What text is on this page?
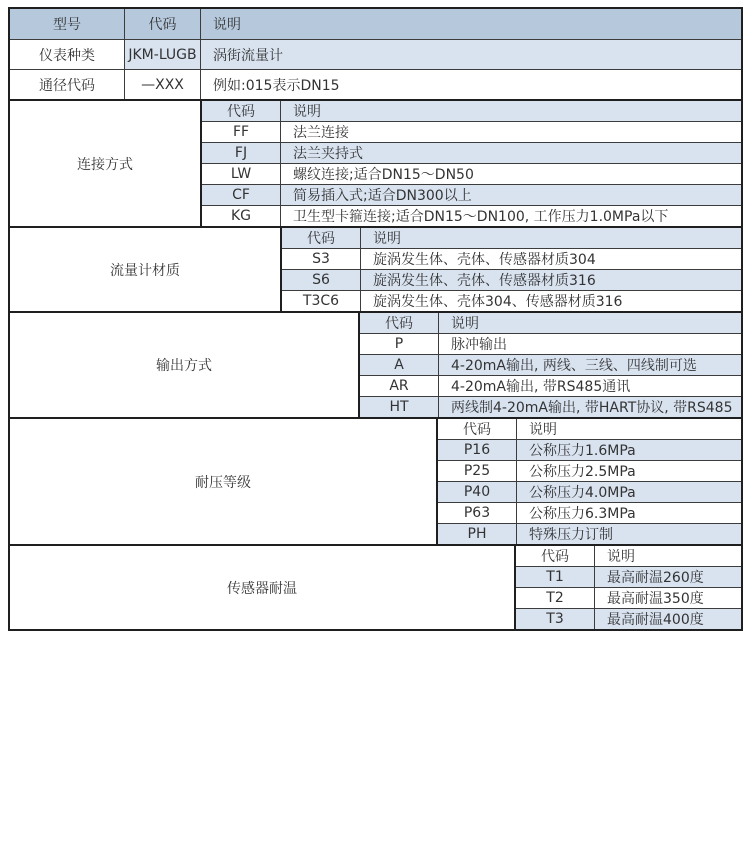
型号	代码	说明
仪表种类	JKM-LUGB	涡街流量计
通径代码	—XXX	例如:015表示DN15
连接方式
代码	说明
FF	法兰连接
FJ	法兰夹持式
LW	螺纹连接;适合DN15～DN50
CF	简易插入式;适合DN300以上
KG	卫生型卡箍连接;适合DN15～DN100, 工作压力1.0MPa以下
流量计材质
代码	说明
S3	旋涡发生体、壳体、传感器材质304
S6	旋涡发生体、壳体、传感器材质316
T3C6	旋涡发生体、壳体304、传感器材质316
输出方式
代码	说明
P	脉冲输出
A	4-20mA输出, 两线、三线、四线制可选
AR	4-20mA输出, 带RS485通讯
HT	两线制4-20mA输出, 带HART协议, 带RS485
耐压等级
代码	说明
P16	公称压力1.6MPa
P25	公称压力2.5MPa
P40	公称压力4.0MPa
P63	公称压力6.3MPa
PH	特殊压力订制
传感器耐温
代码	说明
T1	最高耐温260度
T2	最高耐温350度
T3	最高耐温400度
